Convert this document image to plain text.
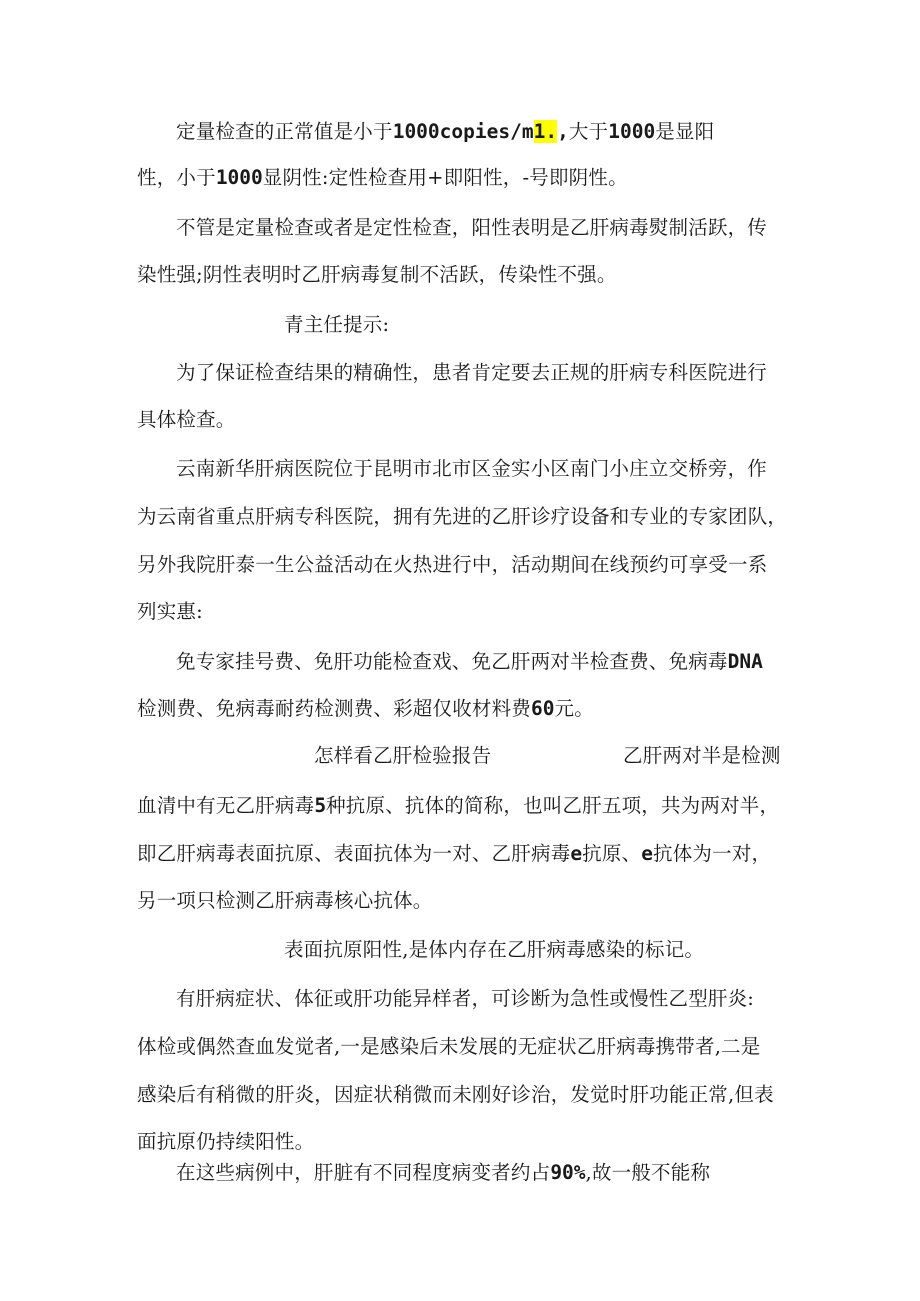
定量检查的正常值是小于1000copies/m1.,大于1000是显阳
性，小于1000显阴性:定性检查用+即阳性，-号即阴性。
不管是定量检查或者是定性检查，阳性表明是乙肝病毒熨制活跃，传
染性强;阴性表明时乙肝病毒复制不活跃，传染性不强。
青主任提示:
为了保证检查结果的精确性，患者肯定要去正规的肝病专科医院进行
具体检查。
云南新华肝病医院位于昆明市北市区金实小区南门小庄立交桥旁，作
为云南省重点肝病专科医院，拥有先进的乙肝诊疗设备和专业的专家团队，
另外我院肝泰一生公益活动在火热进行中，活动期间在线预约可享受一系
列实惠:
免专家挂号费、免肝功能检查戏、免乙肝两对半检查费、免病毒DNA
检测费、免病毒耐药检测费、彩超仅收材料费60元。
怎样看乙肝检验报告	乙肝两对半是检测
血清中有无乙肝病毒5种抗原、抗体的简称，也叫乙肝五项，共为两对半，
即乙肝病毒表面抗原、表面抗体为一对、乙肝病毒e抗原、e抗体为一对，
另一项只检测乙肝病毒核心抗体。
表面抗原阳性,是体内存在乙肝病毒感染的标记。
有肝病症状、体征或肝功能异样者，可诊断为急性或慢性乙型肝炎:
体检或偶然查血发觉者,一是感染后未发展的无症状乙肝病毒携带者,二是
感染后有稍微的肝炎，因症状稍微而未刚好诊治，发觉时肝功能正常,但表
面抗原仍持续阳性。
在这些病例中，肝脏有不同程度病变者约占90%,故一般不能称
